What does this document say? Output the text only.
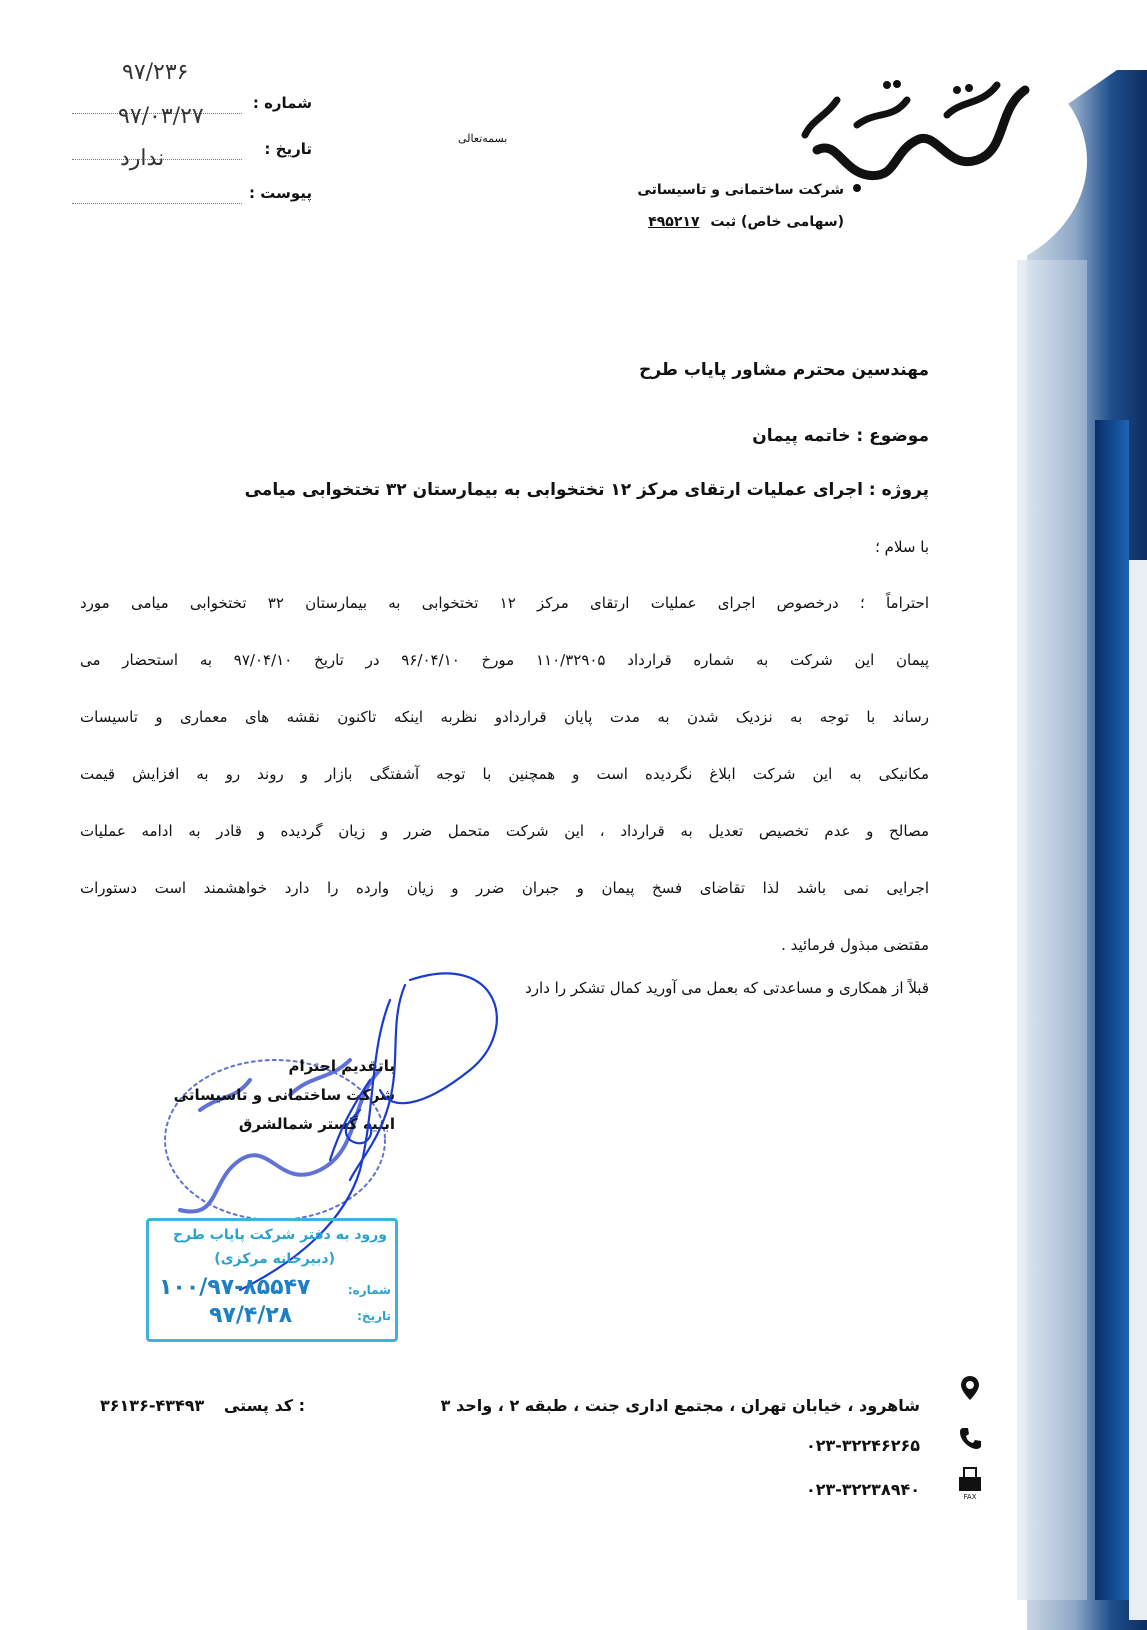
شرکت ساختمانی و تاسیساتی
(سهامی خاص) ثبت ۴۹۵۲۱۷
بسمه‌تعالی
شماره :
۹۷/۲۳۶
تاریخ :
۹۷/۰۳/۲۷
پیوست :
ندارد
مهندسین محترم مشاور پایاب طرح
موضوع : خاتمه پیمان
پروژه : اجرای عملیات ارتقای مرکز ۱۲ تختخوابی به بیمارستان ۳۲ تختخوابی میامی
با سلام ؛
احتراماً ؛ درخصوص اجرای عملیات ارتقای مرکز ۱۲ تختخوابی به بیمارستان ۳۲ تختخوابی میامی مورد
پیمان این شرکت به شماره قرارداد ۱۱۰/۳۲۹۰۵ مورخ ۹۶/۰۴/۱۰ در تاریخ ۹۷/۰۴/۱۰ به استحضار می
رساند با توجه به نزدیک شدن به مدت پایان قراردادو نظربه اینکه تاکنون نقشه های معماری و تاسیسات
مکانیکی به این شرکت ابلاغ نگردیده است و همچنین با توجه آشفتگی بازار و روند رو به افزایش قیمت
مصالح و عدم تخصیص تعدیل به قرارداد ، این شرکت متحمل ضرر و زیان گردیده و قادر به ادامه عملیات
اجرایی نمی باشد لذا تقاضای فسخ پیمان و جبران ضرر و زیان وارده را دارد خواهشمند است دستورات
مقتضی مبذول فرمائید .
قبلاً از همکاری و مساعدتی که بعمل می آورید کمال تشکر را دارد
باتقدیم احترام
شرکت ساختمانی و تاسیساتی
ابنیه گستر شمالشرق
ورود به دفتر شرکت پایاب طرح
(دبیرخانه مرکزی)
شماره:
تاریخ:
۱۰۰/۹۷-۸۵۵۴۷
۹۷/۴/۲۸
شاهرود ، خیابان تهران ، مجتمع اداری جنت ، طبقه ۲ ، واحد ۳
۳۶۱۳۶-۴۳۴۹۳ کد پستی :
۰۲۳-۳۲۲۴۶۲۶۵
۰۲۳-۳۲۲۳۸۹۴۰	FAX
